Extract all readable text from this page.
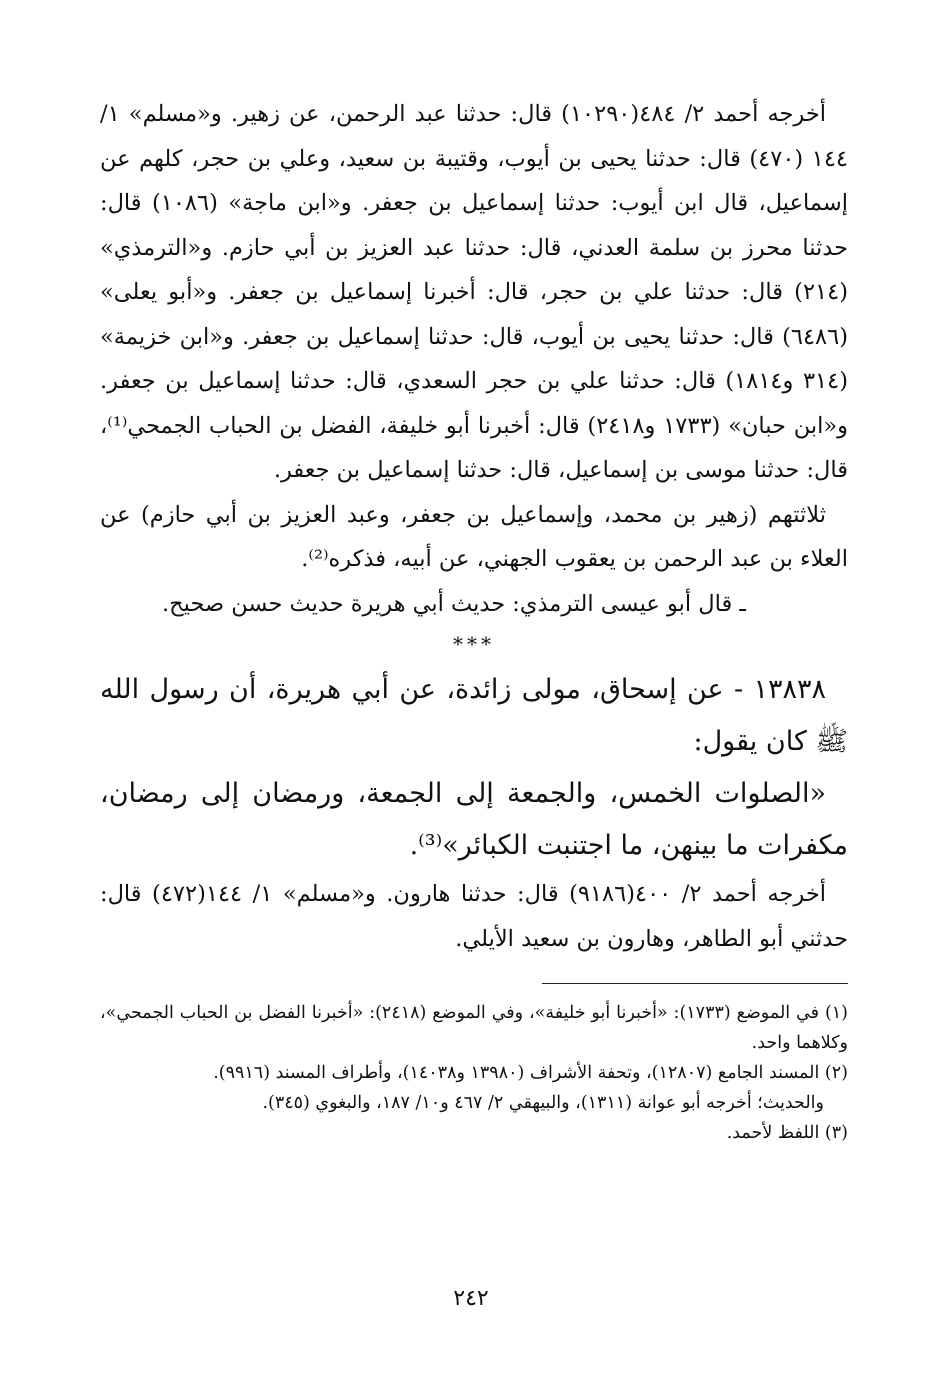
أخرجه أحمد ٢/ ٤٨٤(١٠٢٩٠) قال: حدثنا عبد الرحمن، عن زهير. و«مسلم» ١/ ١٤٤ (٤٧٠) قال: حدثنا يحيى بن أيوب، وقتيبة بن سعيد، وعلي بن حجر، كلهم عن إسماعيل، قال ابن أيوب: حدثنا إسماعيل بن جعفر. و«ابن ماجة» (١٠٨٦) قال: حدثنا محرز بن سلمة العدني، قال: حدثنا عبد العزيز بن أبي حازم. و«الترمذي» (٢١٤) قال: حدثنا علي بن حجر، قال: أخبرنا إسماعيل بن جعفر. و«أبو يعلى» (٦٤٨٦) قال: حدثنا يحيى بن أيوب، قال: حدثنا إسماعيل بن جعفر. و«ابن خزيمة» (٣١٤ و١٨١٤) قال: حدثنا علي بن حجر السعدي، قال: حدثنا إسماعيل بن جعفر. و«ابن حبان» (١٧٣٣ و٢٤١٨) قال: أخبرنا أبو خليفة، الفضل بن الحباب الجمحي⁽¹⁾، قال: حدثنا موسى بن إسماعيل، قال: حدثنا إسماعيل بن جعفر.

ثلاثتهم (زهير بن محمد، وإسماعيل بن جعفر، وعبد العزيز بن أبي حازم) عن العلاء بن عبد الرحمن بن يعقوب الجهني، عن أبيه، فذكره⁽²⁾.

ـ قال أبو عيسى الترمذي: حديث أبي هريرة حديث حسن صحيح.

***

١٣٨٣٨ - عن إسحاق، مولى زائدة، عن أبي هريرة، أن رسول الله ﷺ كان يقول:

«الصلوات الخمس، والجمعة إلى الجمعة، ورمضان إلى رمضان، مكفرات ما بينهن، ما اجتنبت الكبائر»⁽³⁾.

أخرجه أحمد ٢/ ٤٠٠(٩١٨٦) قال: حدثنا هارون. و«مسلم» ١/ ١٤٤(٤٧٢) قال: حدثني أبو الطاهر، وهارون بن سعيد الأيلي.

(١) في الموضع (١٧٣٣): «أخبرنا أبو خليفة»، وفي الموضع (٢٤١٨): «أخبرنا الفضل بن الحباب الجمحي»، وكلاهما واحد.

(٢) المسند الجامع (١٢٨٠٧)، وتحفة الأشراف (١٣٩٨٠ و١٤٠٣٨)، وأطراف المسند (٩٩١٦).

والحديث؛ أخرجه أبو عوانة (١٣١١)، والبيهقي ٢/ ٤٦٧ و١٠/ ١٨٧، والبغوي (٣٤٥).

(٣) اللفظ لأحمد.

٢٤٢
